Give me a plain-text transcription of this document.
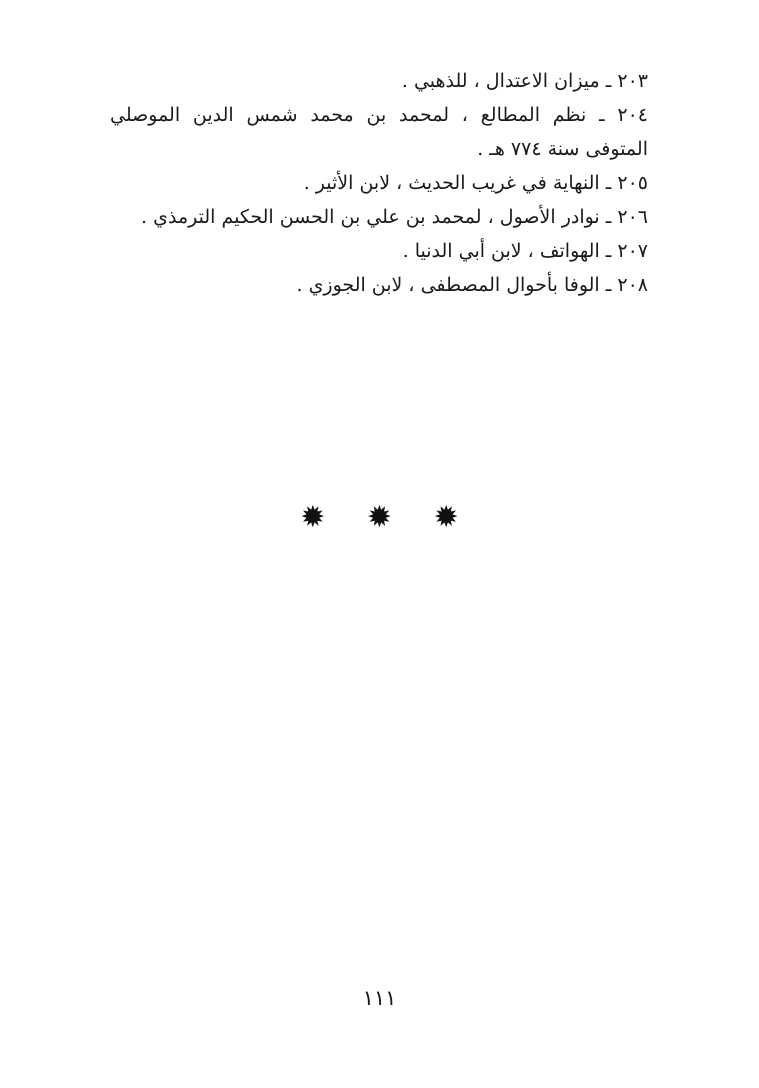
٢٠٣ ـ ميزان الاعتدال ، للذهبي .

٢٠٤ ـ نظم المطالع ، لمحمد بن محمد شمس الدين الموصلي المتوفى سنة ٧٧٤ هـ .

٢٠٥ ـ النهاية في غريب الحديث ، لابن الأثير .

٢٠٦ ـ نوادر الأصول ، لمحمد بن علي بن الحسن الحكيم الترمذي .

٢٠٧ ـ الهواتف ، لابن أبي الدنيا .

٢٠٨ ـ الوفا بأحوال المصطفى ، لابن الجوزي .

✹ ✹ ✹
١١١
